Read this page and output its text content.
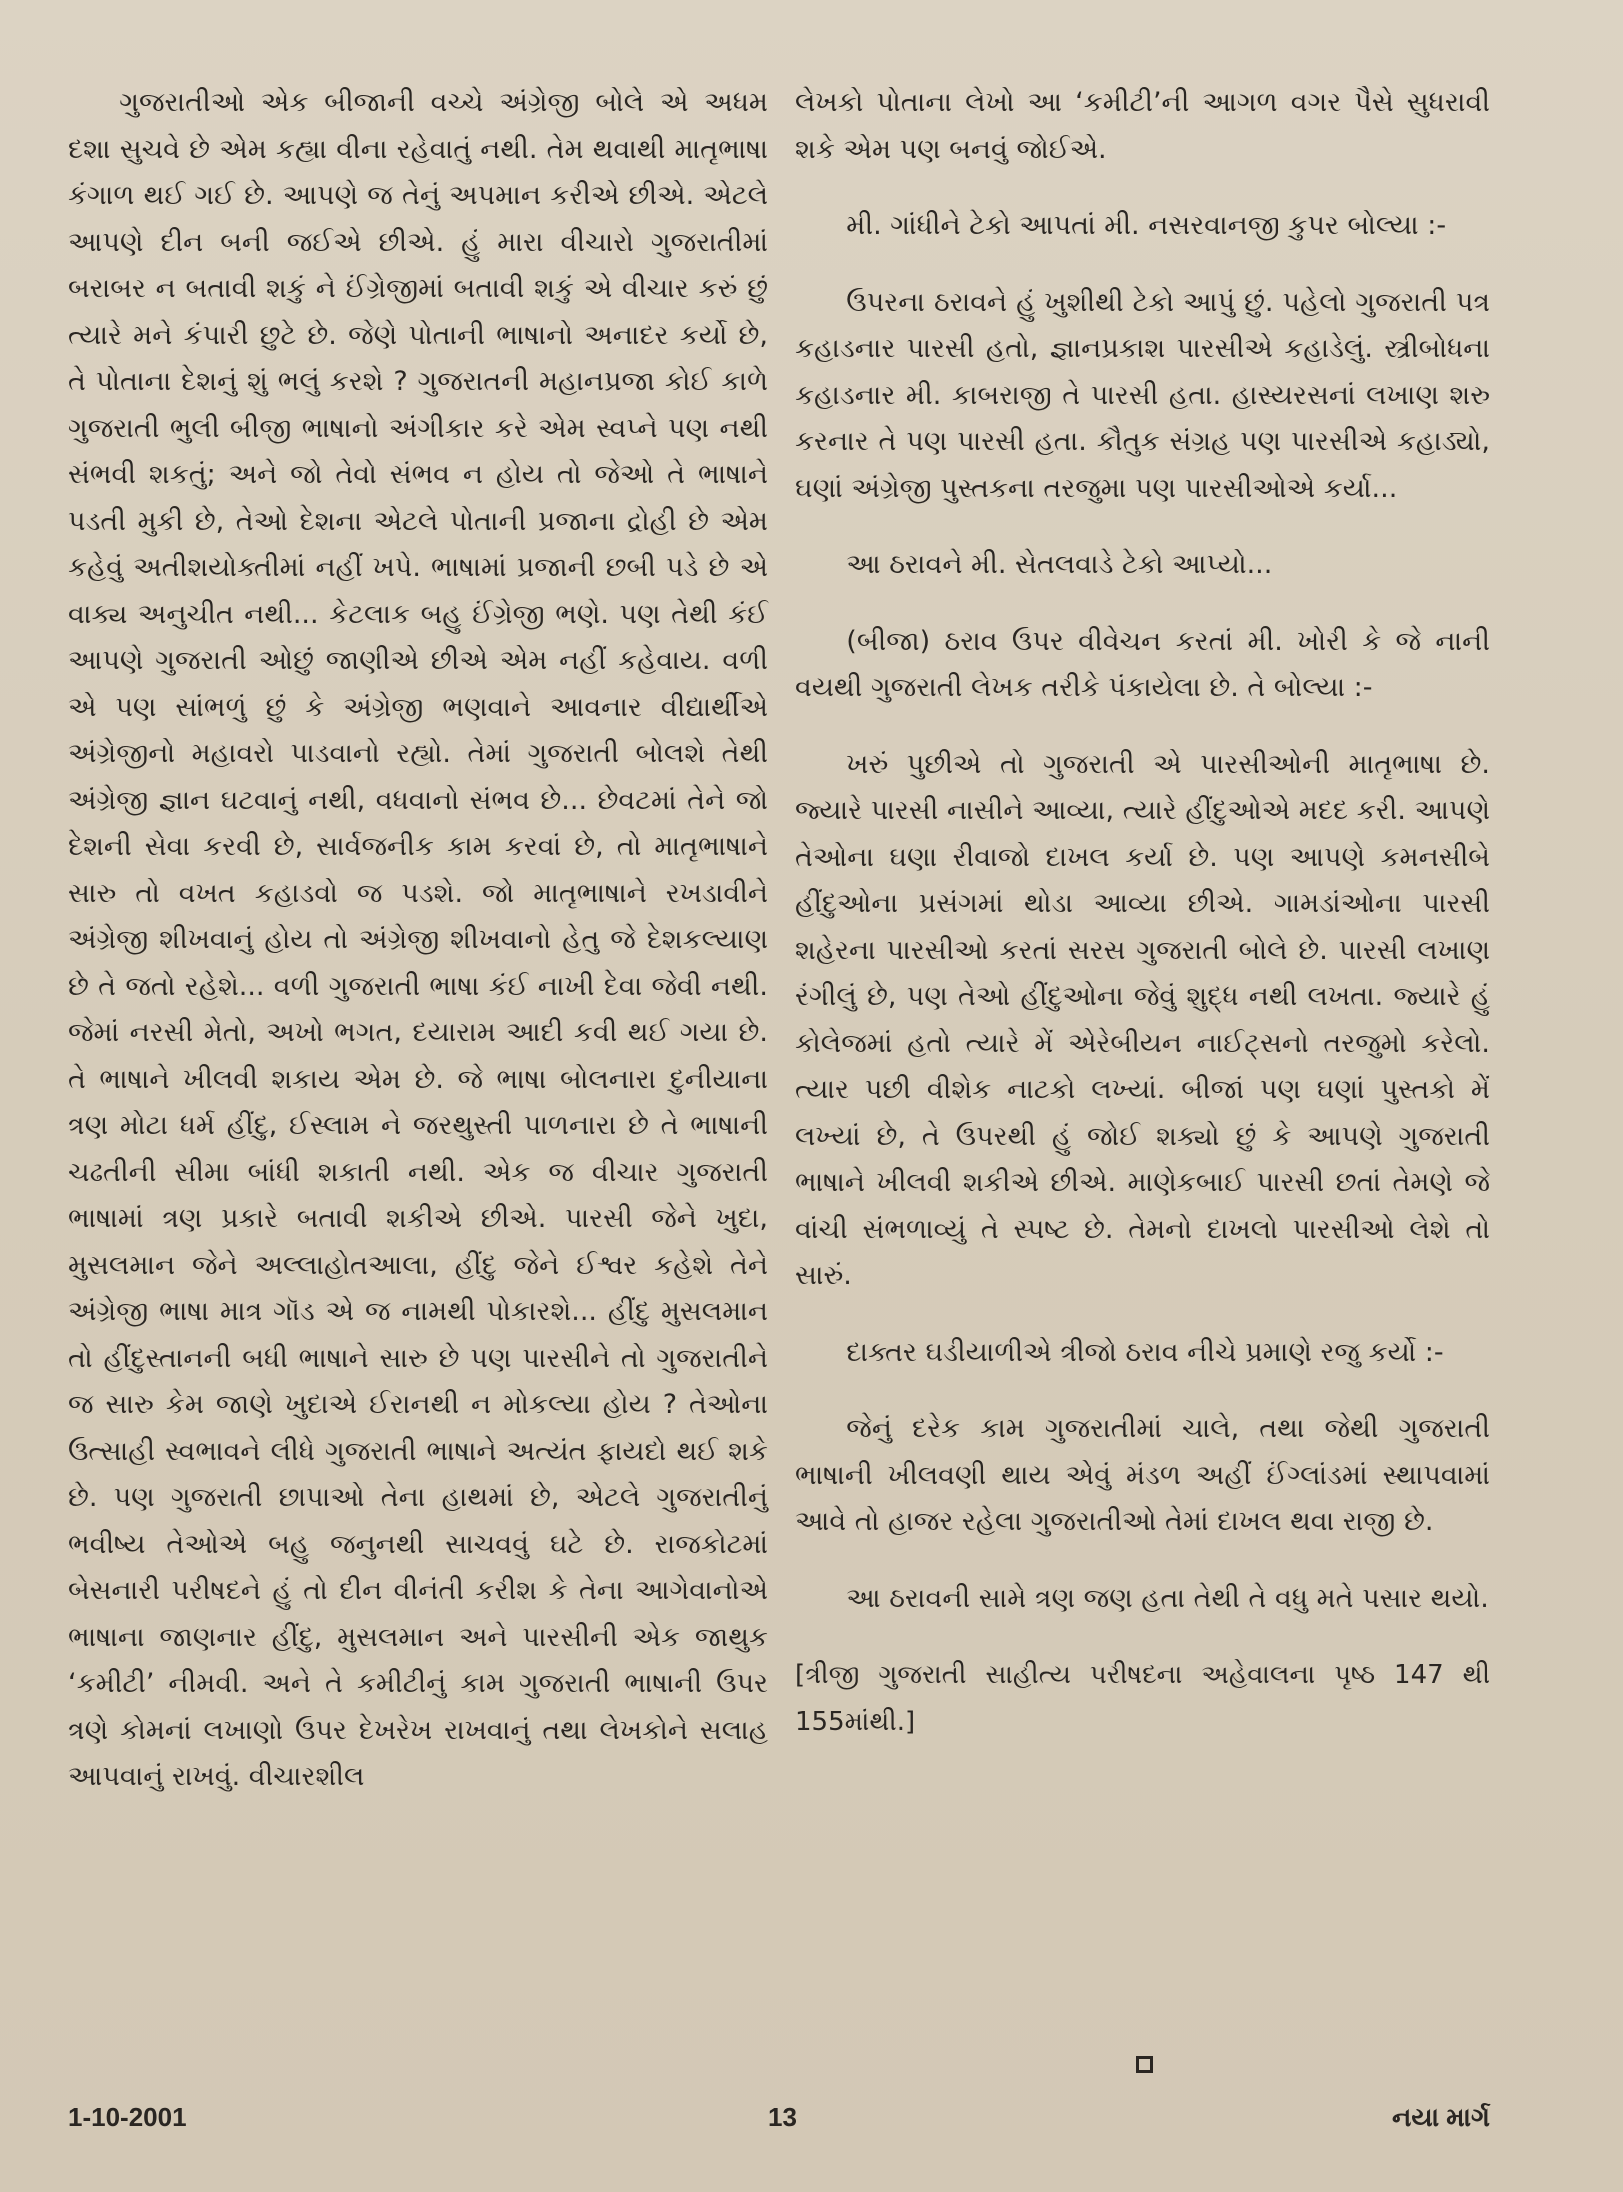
ગુજરાતીઓ એક બીજાની વચ્ચે અંગ્રેજી બોલે એ અધમ દશા સુચવે છે એમ કહ્યા વીના રહેવાતું નથી. તેમ થવાથી માતૃભાષા કંગાળ થઈ ગઈ છે. આપણે જ તેનું અપમાન કરીએ છીએ. એટલે આપણે દીન બની જઈએ છીએ. હું મારા વીચારો ગુજરાતીમાં બરાબર ન બતાવી શકું ને ઈંગ્રેજીમાં બતાવી શકું એ વીચાર કરું છું ત્યારે મને કંપારી છુટે છે. જેણે પોતાની ભાષાનો અનાદર કર્યો છે, તે પોતાના દેશનું શું ભલું કરશે ? ગુજરાતની મહાનપ્રજા કોઈ કાળે ગુજરાતી ભુલી બીજી ભાષાનો અંગીકાર કરે એમ સ્વપ્ને પણ નથી સંભવી શકતું; અને જો તેવો સંભવ ન હોય તો જેઓ તે ભાષાને પડતી મુકી છે, તેઓ દેશના એટલે પોતાની પ્રજાના દ્રોહી છે એમ કહેવું અતીશયોક્તીમાં નહીં ખપે. ભાષામાં પ્રજાની છબી પડે છે એ વાક્ય અનુચીત નથી... કેટલાક બહુ ઈંગ્રેજી ભણે. પણ તેથી કંઈ આપણે ગુજરાતી ઓછું જાણીએ છીએ એમ નહીં કહેવાય. વળી એ પણ સાંભળું છું કે અંગ્રેજી ભણવાને આવનાર વીદ્યાર્થીએ અંગ્રેજીનો મહાવરો પાડવાનો રહ્યો. તેમાં ગુજરાતી બોલશે તેથી અંગ્રેજી જ્ઞાન ઘટવાનું નથી, વધવાનો સંભવ છે... છેવટમાં તેને જો દેશની સેવા કરવી છે, સાર્વજનીક કામ કરવાં છે, તો માતૃભાષાને સારુ તો વખત કહાડવો જ પડશે. જો માતૃભાષાને રખડાવીને અંગ્રેજી શીખવાનું હોય તો અંગ્રેજી શીખવાનો હેતુ જે દેશકલ્યાણ છે તે જતો રહેશે... વળી ગુજરાતી ભાષા કંઈ નાખી દેવા જેવી નથી. જેમાં નરસી મેતો, અખો ભગત, દયારામ આદી કવી થઈ ગયા છે. તે ભાષાને ખીલવી શકાય એમ છે. જે ભાષા બોલનારા દુનીયાના ત્રણ મોટા ધર્મ હીંદુ, ઈસ્લામ ને જરથુસ્તી પાળનારા છે તે ભાષાની ચઢતીની સીમા બાંધી શકાતી નથી. એક જ વીચાર ગુજરાતી ભાષામાં ત્રણ પ્રકારે બતાવી શકીએ છીએ. પારસી જેને ખુદા, મુસલમાન જેને અલ્લાહોતઆલા, હીંદુ જેને ઈશ્વર કહેશે તેને અંગ્રેજી ભાષા માત્ર ગૉડ એ જ નામથી પોકારશે... હીંદુ મુસલમાન તો હીંદુસ્તાનની બધી ભાષાને સારુ છે પણ પારસીને તો ગુજરાતીને જ સારુ કેમ જાણે ખુદાએ ઈરાનથી ન મોકલ્યા હોય ? તેઓના ઉત્સાહી સ્વભાવને લીધે ગુજરાતી ભાષાને અત્યંત ફાયદો થઈ શકે છે. પણ ગુજરાતી છાપાઓ તેના હાથમાં છે, એટલે ગુજરાતીનું ભવીષ્ય તેઓએ બહુ જનુનથી સાચવવું ઘટે છે. રાજકોટમાં બેસનારી પરીષદને હું તો દીન વીનંતી કરીશ કે તેના આગેવાનોએ ભાષાના જાણનાર હીંદુ, મુસલમાન અને પારસીની એક જાથુક ‘કમીટી’ નીમવી. અને તે કમીટીનું કામ ગુજરાતી ભાષાની ઉપર ત્રણે કોમનાં લખાણો ઉપર દેખરેખ રાખવાનું તથા લેખકોને સલાહ આપવાનું રાખવું. વીચારશીલ

લેખકો પોતાના લેખો આ ‘કમીટી’ની આગળ વગર પૈસે સુધરાવી શકે એમ પણ બનવું જોઈએ.

મી. ગાંધીને ટેકો આપતાં મી. નસરવાનજી કુપર બોલ્યા :-

ઉપરના ઠરાવને હું ખુશીથી ટેકો આપું છું. પહેલો ગુજરાતી પત્ર કહાડનાર પારસી હતો, જ્ઞાનપ્રકાશ પારસીએ કહાડેલું. સ્ત્રીબોધના કહાડનાર મી. કાબરાજી તે પારસી હતા. હાસ્યરસનાં લખાણ શરુ કરનાર તે પણ પારસી હતા. કૌતુક સંગ્રહ પણ પારસીએ કહાડ્યો, ઘણાં અંગ્રેજી પુસ્તકના તરજુમા પણ પારસીઓએ કર્યા...

આ ઠરાવને મી. સેતલવાડે ટેકો આપ્યો...

(બીજા) ઠરાવ ઉપર વીવેચન કરતાં મી. ખોરી કે જે નાની વયથી ગુજરાતી લેખક તરીકે પંકાયેલા છે. તે બોલ્યા :-

ખરું પુછીએ તો ગુજરાતી એ પારસીઓની માતૃભાષા છે. જ્યારે પારસી નાસીને આવ્યા, ત્યારે હીંદુઓએ મદદ કરી. આપણે તેઓના ઘણા રીવાજો દાખલ કર્યા છે. પણ આપણે કમનસીબે હીંદુઓના પ્રસંગમાં થોડા આવ્યા છીએ. ગામડાંઓના પારસી શહેરના પારસીઓ કરતાં સરસ ગુજરાતી બોલે છે. પારસી લખાણ રંગીલું છે, પણ તેઓ હીંદુઓના જેવું શુદ્ધ નથી લખતા. જ્યારે હું કોલેજમાં હતો ત્યારે મેં એરેબીયન નાઈટ્સનો તરજુમો કરેલો. ત્યાર પછી વીશેક નાટકો લખ્યાં. બીજાં પણ ઘણાં પુસ્તકો મેં લખ્યાં છે, તે ઉપરથી હું જોઈ શક્યો છું કે આપણે ગુજરાતી ભાષાને ખીલવી શકીએ છીએ. માણેકબાઈ પારસી છતાં તેમણે જે વાંચી સંભળાવ્યું તે સ્પષ્ટ છે. તેમનો દાખલો પારસીઓ લેશે તો સારું.

દાક્તર ઘડીયાળીએ ત્રીજો ઠરાવ નીચે પ્રમાણે રજુ કર્યો :-

જેનું દરેક કામ ગુજરાતીમાં ચાલે, તથા જેથી ગુજરાતી ભાષાની ખીલવણી થાય એવું મંડળ અહીં ઈંગ્લાંડમાં સ્થાપવામાં આવે તો હાજર રહેલા ગુજરાતીઓ તેમાં દાખલ થવા રાજી છે.

આ ઠરાવની સામે ત્રણ જણ હતા તેથી તે વધુ મતે પસાર થયો.

[ત્રીજી ગુજરાતી સાહીત્ય પરીષદના અહેવાલના પૃષ્ઠ 147 થી 155માંથી.]

1-10-2001	13	નયા માર્ગ
